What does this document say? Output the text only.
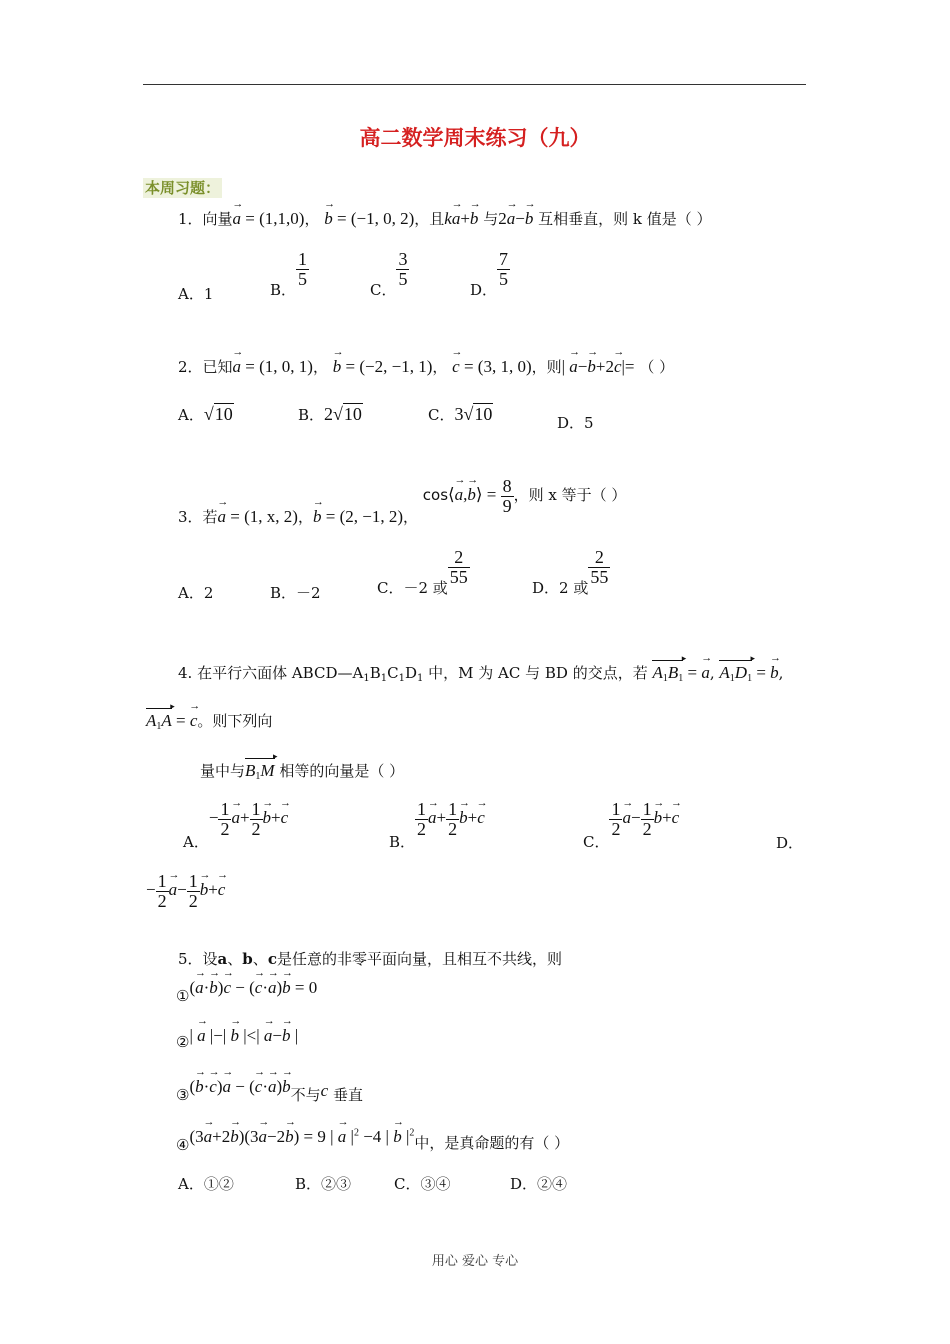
高二数学周末练习（九）
本周习题：
1．向量→ a = (1,1,0)， → b = (−1, 0, 2)，且k→ a+→ b 与2→ a−→ b 互相垂直，则 k 值是（ ）
A．1	B．
$\frac{1}{5}$
C．
$\frac{3}{5}$
D．
$\frac{7}{5}$
2．已知→ a = (1, 0, 1)， → b = (−2, −1, 1)， → c = (3, 1, 0)，则| → a−→ b+2→ c|= （ ）
A．√10	B．2√10	C．3√10	D．5
3．若→ a = (1, x, 2)，→ b = (2, −1, 2)， cos⟨→ a,→ b⟩ = $\frac{8}{9}$ ，则 x 等于（ ）
A．2	B．－2	C．－2 或
$\frac{2}{55}$
D．2 或
$\frac{2}{55}$
4. 在平行六面体 $ABCD—A_1B_1C_1D_1$ 中，M 为 AC 与 BD 的交点，若 $A_1B_1$ ▸ = → a, $A_1D_1$ ▸ = → b,
$A_1A$ ▸ = → c。则下列向
量中与$B_1M$ ▸ 相等的向量是（ ）
A．− $\frac{1}{2}$
→ $a+ \frac{1}{2}$
→ b+→ c
B．
$\frac{1}{2}$
→ $a+ \frac{1}{2}$
→ b+→ c
C．
$\frac{1}{2}$
→ $a- \frac{1}{2}$
→ b+→ c
D．
− $\frac{1}{2}$
→ $a- \frac{1}{2}$
→ b+→ c
5．设a、b、c是任意的非零平面向量，且相互不共线，则
①(→ a·→ b)→ c − (→ c·→ a)→ b = 0
②| → a |−| → b |<| → a−→ b |
③(→ b·→ c)→ a − (→ c·→ a)→ b不与c 垂直
④(3→ a+2→ b)(3→ a−2→ b) = 9 | → a $|^2 -4$ | → b $|^2$中，是真命题的有（ ）
A．①②	B．②③	C．③④	D．②④
用心 爱心 专心
